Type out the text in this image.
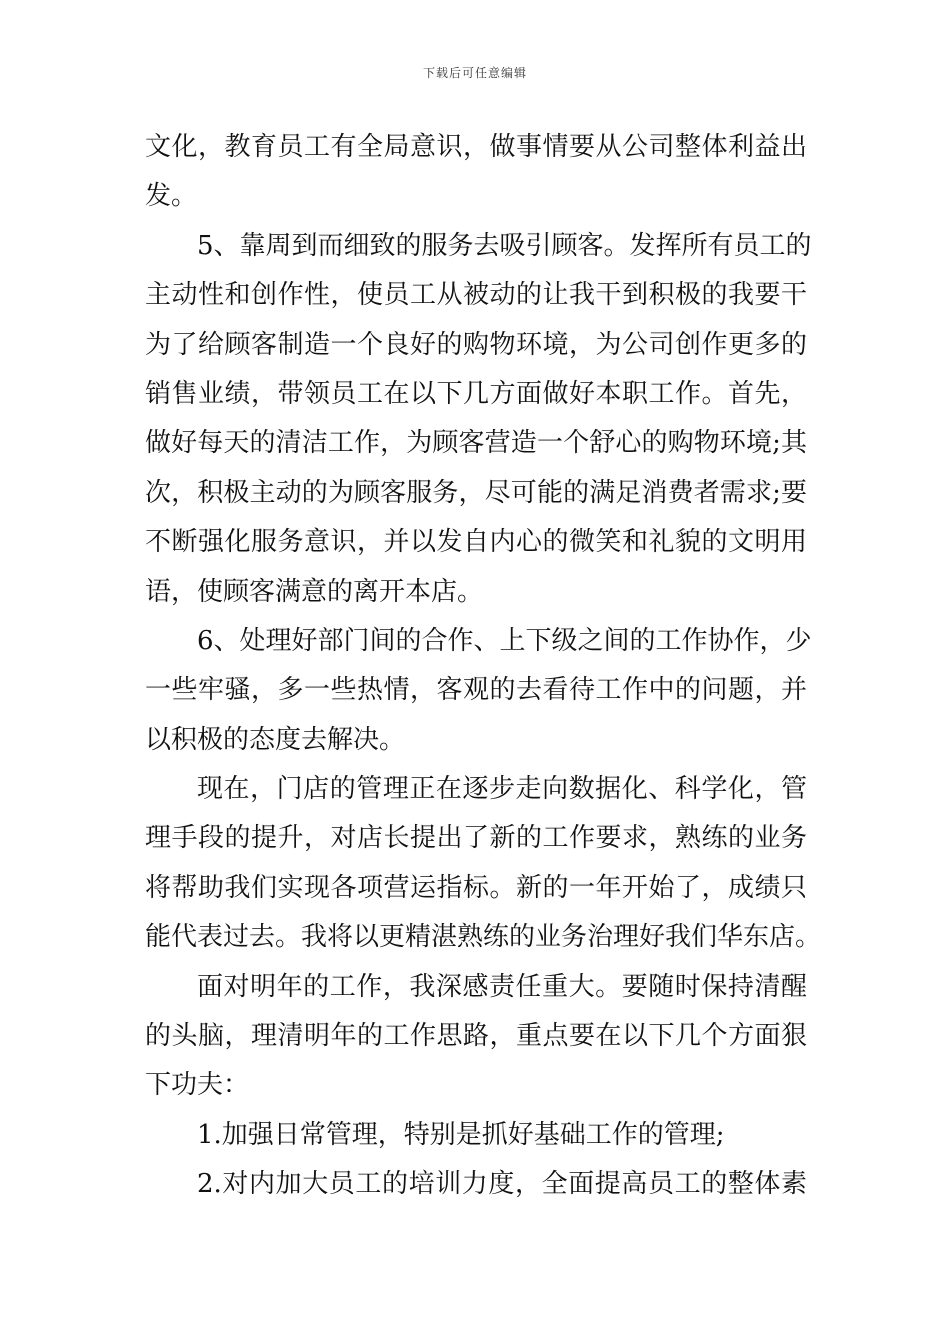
下载后可任意编辑
文化，教育员工有全局意识，做事情要从公司整体利益出
发。
5、靠周到而细致的服务去吸引顾客。发挥所有员工的
主动性和创作性，使员工从被动的让我干到积极的我要干
为了给顾客制造一个良好的购物环境，为公司创作更多的
销售业绩，带领员工在以下几方面做好本职工作。首先，
做好每天的清洁工作，为顾客营造一个舒心的购物环境;其
次，积极主动的为顾客服务，尽可能的满足消费者需求;要
不断强化服务意识，并以发自内心的微笑和礼貌的文明用
语，使顾客满意的离开本店。
6、处理好部门间的合作、上下级之间的工作协作，少
一些牢骚，多一些热情，客观的去看待工作中的问题，并
以积极的态度去解决。
现在，门店的管理正在逐步走向数据化、科学化，管
理手段的提升，对店长提出了新的工作要求，熟练的业务
将帮助我们实现各项营运指标。新的一年开始了，成绩只
能代表过去。我将以更精湛熟练的业务治理好我们华东店。
面对明年的工作，我深感责任重大。要随时保持清醒
的头脑，理清明年的工作思路，重点要在以下几个方面狠
下功夫：
1.加强日常管理，特别是抓好基础工作的管理;
2.对内加大员工的培训力度，全面提高员工的整体素
